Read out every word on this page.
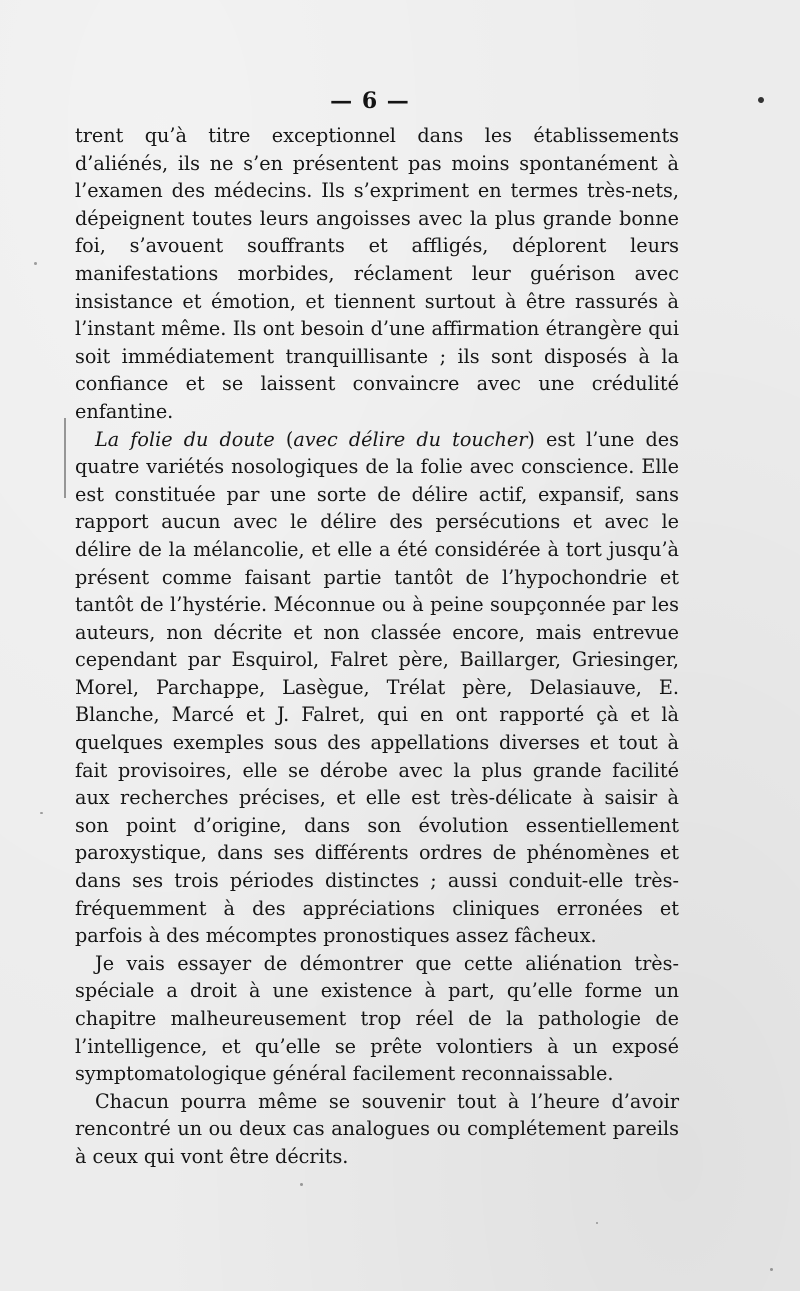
— 6 —

trent qu’à titre exceptionnel dans les établissements d’aliénés, ils ne s’en présentent pas moins spontanément à l’examen des médecins. Ils s’expriment en termes très-nets, dépeignent toutes leurs angoisses avec la plus grande bonne foi, s’avouent souffrants et affligés, déplorent leurs manifestations morbides, réclament leur guérison avec insistance et émotion, et tiennent surtout à être rassurés à l’instant même. Ils ont besoin d’une affirmation étrangère qui soit immédiatement tranquillisante ; ils sont disposés à la confiance et se laissent convaincre avec une crédulité enfantine.

La folie du doute (avec délire du toucher) est l’une des quatre variétés nosologiques de la folie avec conscience. Elle est constituée par une sorte de délire actif, expansif, sans rapport aucun avec le délire des persécutions et avec le délire de la mélancolie, et elle a été considérée à tort jusqu’à présent comme faisant partie tantôt de l’hypochondrie et tantôt de l’hystérie. Méconnue ou à peine soupçonnée par les auteurs, non décrite et non classée encore, mais entrevue cependant par Esquirol, Falret père, Baillarger, Griesinger, Morel, Parchappe, Lasègue, Trélat père, Delasiauve, E. Blanche, Marcé et J. Falret, qui en ont rapporté çà et là quelques exemples sous des appellations diverses et tout à fait provisoires, elle se dérobe avec la plus grande facilité aux recherches précises, et elle est très-délicate à saisir à son point d’origine, dans son évolution essentiellement paroxystique, dans ses différents ordres de phénomènes et dans ses trois périodes distinctes ; aussi conduit-elle très-fréquemment à des appréciations cliniques erronées et parfois à des mécomptes pronostiques assez fâcheux.

Je vais essayer de démontrer que cette aliénation très-spéciale a droit à une existence à part, qu’elle forme un chapitre malheureusement trop réel de la pathologie de l’intelligence, et qu’elle se prête volontiers à un exposé symptomatologique général facilement reconnaissable.

Chacun pourra même se souvenir tout à l’heure d’avoir rencontré un ou deux cas analogues ou complétement pareils à ceux qui vont être décrits.
